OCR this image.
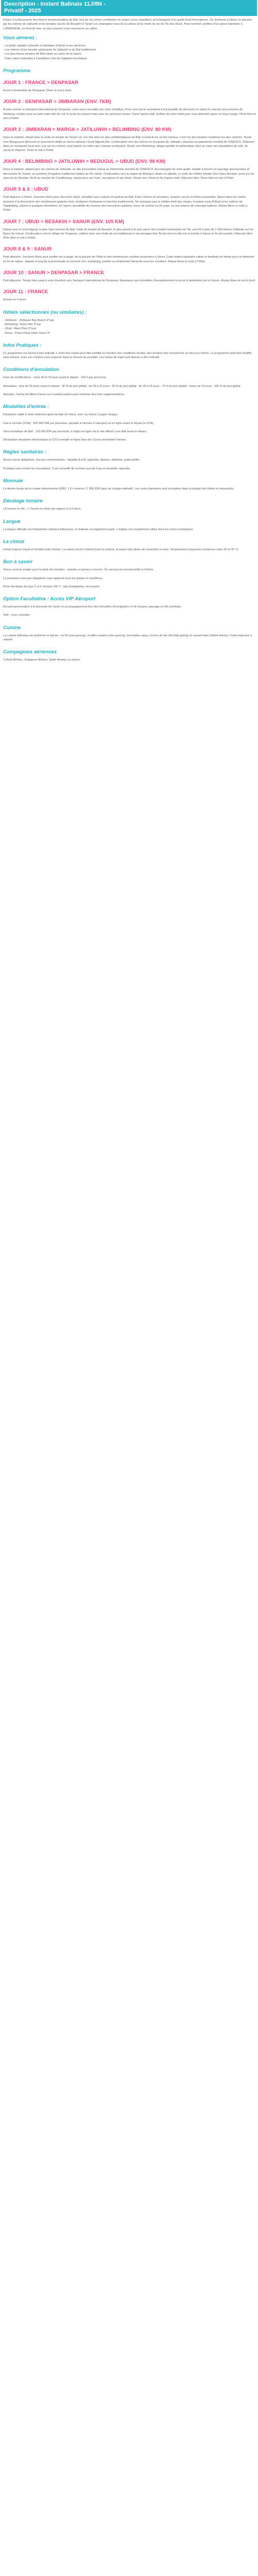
Description - Instant Balinais 11J/8N -
Privatif - 2025

Partez à la découverte des trésors incontournables de Bali, lors de vos virées combinées en voiture (avec chauffeur) accompagnés d'un guide local francophone. De Jimbaran à Ubud, en passant par les rizières de Jatiluwih et les temples sacrés de Besakih et Tanah Lot, impregnez-vous de la culture et du mode de vie de l'île des Dieux. Pour terminer, profitez d'un séjour balnéaire à CANDIDASA, en bord de mer, où vous pourrez vous ressourcer au calme.

Vous aimerez :
- La petite capitale culturelle et artistique d'Ubud et ses alentours
- Les rizières d'une beauté saisissante de Jatiluwih et du Bali traditionnel
- Les plus beaux temples de Bali situés au coeur de la nature
- Votre séjour balnéaire à Candidasa, loin de l'agitation touristique
Programme
JOUR 1 : FRANCE > DENPASAR

Envol à destination de Denpasar. Dîner et nuit à bord.

JOUR 2 : DENPASAR > JIMBARAN (ENV. 7KM)

À votre arrivée à l'aéroport international de Denpasar, vous serez accueillis par votre chauffeur. Pour ceux qui le souhaitent il est possible de découvrir en option le marché aux poissons de Jimbaran, rendez-vous au petit matin afin de voir la vente du poisson frais avec les pêcheurs locaux. Dans l'après-midi, profitez de votre hôtel pour vous détendre après ce long voyage. Dîner libre et nuit à l'hôtel.

JOUR 3 : JIMBARAN > MARGA > JATILUWIH > BELIMBING (ENV. 80 KM)

Dans la matinée, départ pour la visite du temple de Tanah Lot, l'un des sites les plus emblématiques de Bali. Construit sur un îlot rocheux, il est l'un des temples maritimes les plus vénérés. Route vers Marga pour découvrir le monument dédié au héros national I Gusti Ngurah Rai. Continuation vers les rizières en terrasses de Jatiluwih, classées au patrimoine mondial de l'UNESCO. Déjeuner dans un restaurant local avec vue sur les rizières, puis balade au milieu des champs verdoyants. Route vers Belimbing, village paisible et authentique situé au cœur des plantations de café, de cacao et d'épices. Dîner et nuit à l'hôtel.

JOUR 4 : BELIMBING > JATILUWIH > BEDUGUL > UBUD (ENV. 98 KM)

Dans la matinée, départ pour les rizières de Jatiluwih, un site d'exception classé au Patrimoine mondial de l'UNESCO. Accompagné de votre guide, balade à travers un paysage spectaculaire et découverte du Subak, un système d'irrigation traditionnel datant du IXe siècle. Continuation vers la région de Bedugul, située en altitude, et visite du célèbre temple Ulun Danu Beratan, posé sur les rives du lac Beratan. Arrêt au marché de Candikuning, réputé pour ses fruits, ses épices et ses fleurs. Route vers Ubud en fin d'après-midi. Déjeuner libre. Dîner libre et nuit à l'hôtel.

JOUR 5 & 6 : UBUD

Petit déjeuner à l'hôtel. Journées libres pour découvrir Ubud, véritable cœur culturel et spirituel de Bali. Entre rizières en terrasses, temples sacrés et forêts luxuriantes, flânez dans les ruelles animées à la découverte des nombreuses galeries d'art, boutiques d'artisanat et marchés traditionnels. Ne manquez pas la célèbre forêt des singes, le palais royal d'Ubud et les rizières de Tegallalang, situées à quelques kilomètres. En option, possibilité de réserver des excursions guidées, cours de cuisine ou de yoga, ou une séance de massage balinais. Repas libres et nuits à l'hôtel.

JOUR 7 : UBUD > BESAKIH > SANUR (ENV. 105 KM)

Départ pour le mont Agung, le plus haut sommet de Bali. Visite du temple de Besakih, le plus grand et le plus sacré des temples hindouistes de l'île, perché à près de 1 000 mètres d'altitude sur les flancs du volcan. Continuation vers le village de Tenganan, célèbre pour son mode de vie traditionnel et ses tissages ikat. Route vers la côte est et arrivée à Sanur en fin de journée. Déjeuner libre, dîner libre et nuit à l'hôtel.

JOUR 8 & 9 : SANUR

Petit déjeuner. Journées libres pour profiter de la plage, de la piscine de l'hôtel et des nombreuses activités proposées à Sanur. Cette station balnéaire calme et familiale est idéale pour se détendre en fin de séjour : balade le long de la promenade en bord de mer, snorkeling, paddle ou simplement farniente sous les cocotiers. Repas libres et nuits à l'hôtel.

JOUR 10 : SANUR > DENPASAR > FRANCE

Petit déjeuner. Temps libre jusqu'à votre transfert vers l'aéroport international de Denpasar. Assistance aux formalités d'enregistrement et envol à destination de la France. Repas libres et nuit à bord.

JOUR 11 : FRANCE

Arrivée en France.

Hôtels sélectionnés (ou similaires) :
- Jimbaran : Jimbaran Bay Beach 3*sup
- Belimbing : Kubu Fillo 3*sup
- Ubud : Alam Puisi 3*sup
- Sanur : Prime Plaza Hotel Sanur 4*
Infos Pratiques :

Ce programme est donné à titre indicatif. L'ordre des visites peut être modifié en fonction des conditions locales, des horaires des monuments ou des jours fériés. Le programme peut être modifié, sans préavis, mais son contenu sera respecté dans la mesure du possible. Les temps de trajet sont donnés à titre indicatif.

Conditions d'annulation

Frais de modifications : entre 90 et 30 jours avant le départ : 100 € par personne.

Annulation : plus de 60 jours avant le départ : 30 % du prix global ; de 59 à 31 jours : 50 % du prix global ; de 30 à 15 jours : 75 % du prix global ; moins de 15 jours : 100 % du prix global.

Attention, l'achat de billets d'avion non remboursables peut entraîner des frais supplémentaires.

Modalités d'entrée :

Passeport valide 6 mois minimum après la date de retour, avec au moins 2 pages vierges.

Visa à l'arrivée (VOA) : 500 000 IDR par personne, payable à l'arrivée à l'aéroport ou en ligne avant le départ (e-VOA).

Taxe touristique de Bali : 150 000 IDR par personne, à régler en ligne via le site officiel Love Bali avant le départ.

Déclaration douanière électronique (e-CD) à remplir en ligne dans les 3 jours précédant l'arrivée.

Règles sanitaires :

Aucun vaccin obligatoire. Vaccins recommandés : hépatite A et B, typhoïde, tétanos, diphtérie, poliomyélite.

Protégez-vous contre les moustiques. Il est conseillé de ne boire que de l'eau en bouteille capsulée.

Monnaie

La devise locale est la roupie indonésienne (IDR). 1 € = environ 17 000 IDR (taux de change indicatif). Les cartes bancaires sont acceptées dans la plupart des hôtels et restaurants.

Décalage horaire

+6 heures en été, +7 heures en hiver par rapport à la France.

Langue

La langue officielle est l'indonésien (bahasa Indonesia). Le balinais est également parlé. L'anglais est couramment utilisé dans les zones touristiques.

Le climat

Climat tropical chaud et humide toute l'année. La saison sèche s'étend d'avril à octobre, la saison des pluies de novembre à mars. Températures moyennes comprises entre 26 et 32 °C.

Bon à savoir

Tenue correcte exigée pour la visite des temples : épaules et genoux couverts. Un sarong est souvent prêté à l'entrée.

Le pourboire n'est pas obligatoire mais apprécié pour les guides et chauffeurs.

Prise électrique de type C et F, tension 230 V : pas d'adaptateur nécessaire.

Option Facultative : Accès VIP Aéroport

Accueil personnalisé à la descente de l'avion et accompagnement lors des formalités d'immigration et de douane, passage en file prioritaire.

Tarif : nous consulter.

Cuisine

La cuisine balinaise est parfumée et épicée : riz frit (nasi goreng), nouilles sautées (mie goreng), brochettes satay, cochon de lait rôti (babi guling) et canard fumé (bebek betutu). Fruits tropicaux à volonté.

Compagnies aériennes

Turkish Airlines, Singapore Airlines, Qatar Airways ou autres.
